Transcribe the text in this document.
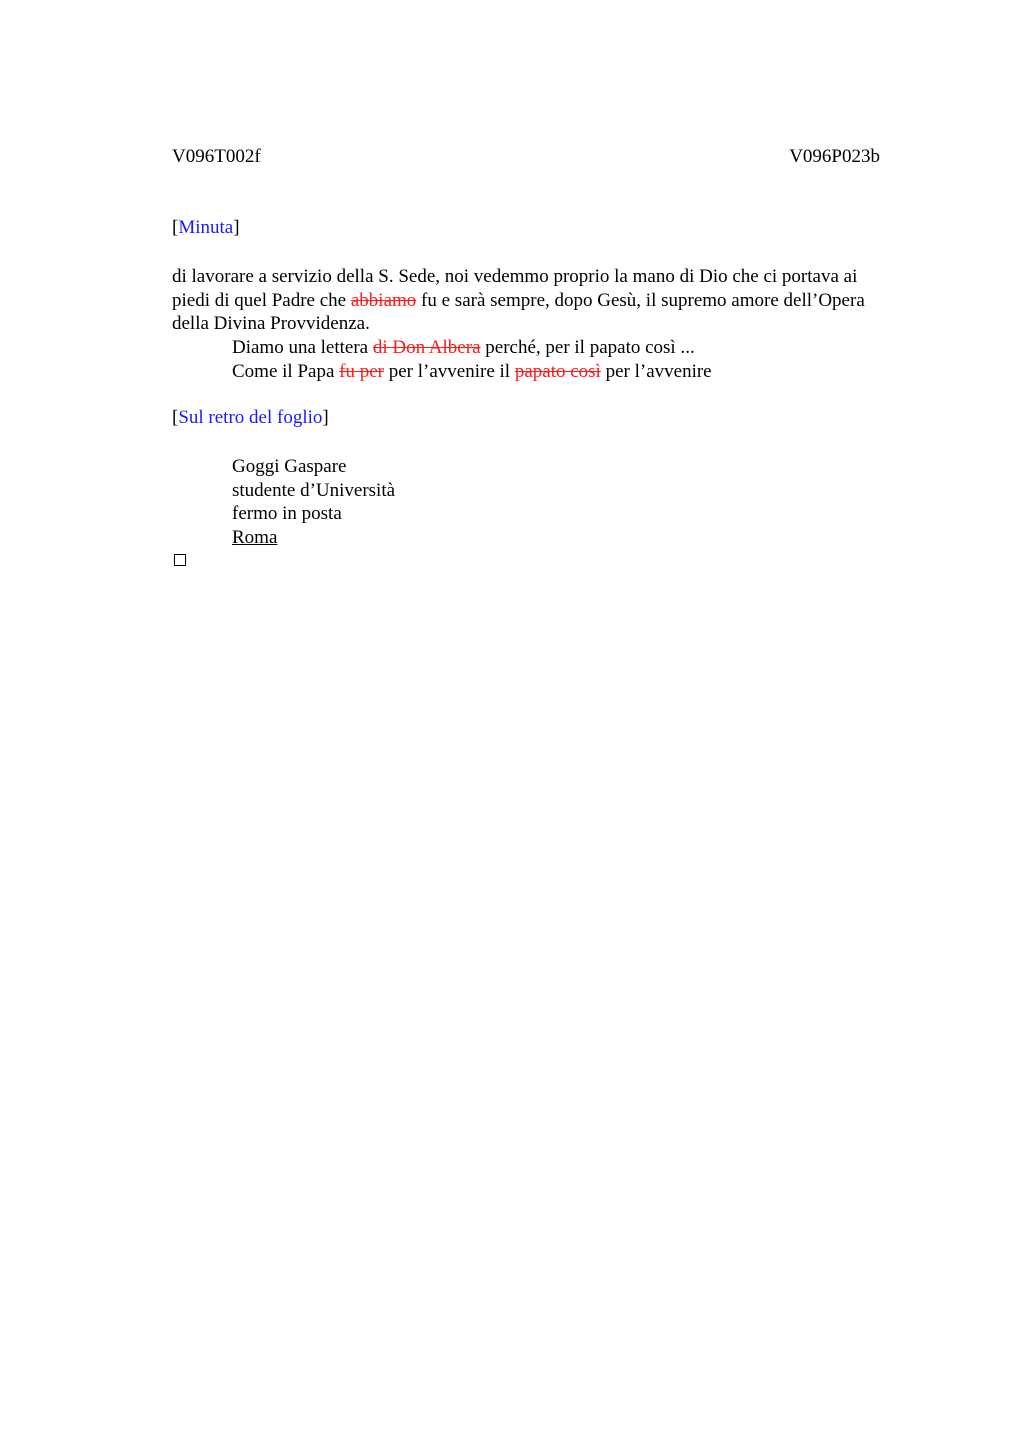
V096T002f	V096P023b
[Minuta]
di lavorare a servizio della S. Sede, noi vedemmo proprio la mano di Dio che ci portava ai
piedi di quel Padre che abbiamo fu e sarà sempre, dopo Gesù, il supremo amore dell’Opera
della Divina Provvidenza.
Diamo una lettera di Don Albera perché, per il papato così ...
Come il Papa fu per per l’avvenire il papato così per l’avvenire
[Sul retro del foglio]
Goggi Gaspare
studente d’Università
fermo in posta
Roma
